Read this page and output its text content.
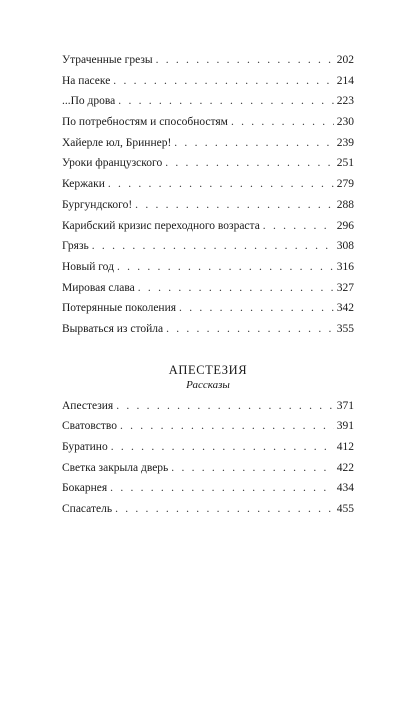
Утраченные грезы . . .	202
На пасеке . . .	214
...По дрова . . .	223
По потребностям и способностям . . .	230
Хайерле юл, Бриннер! . . .	239
Уроки французского . . .	251
Кержаки . . .	279
Бургундского! . . .	288
Карибский кризис переходного возраста . . .	296
Грязь . . .	308
Новый год . . .	316
Мировая слава . . .	327
Потерянные поколения . . .	342
Вырваться из стойла . . .	355
АПЕСТЕЗИЯ
Рассказы
Апестезия . . .	371
Сватовство . . .	391
Буратино . . .	412
Светка закрыла дверь . . .	422
Бокарнея . . .	434
Спасатель . . .	455
